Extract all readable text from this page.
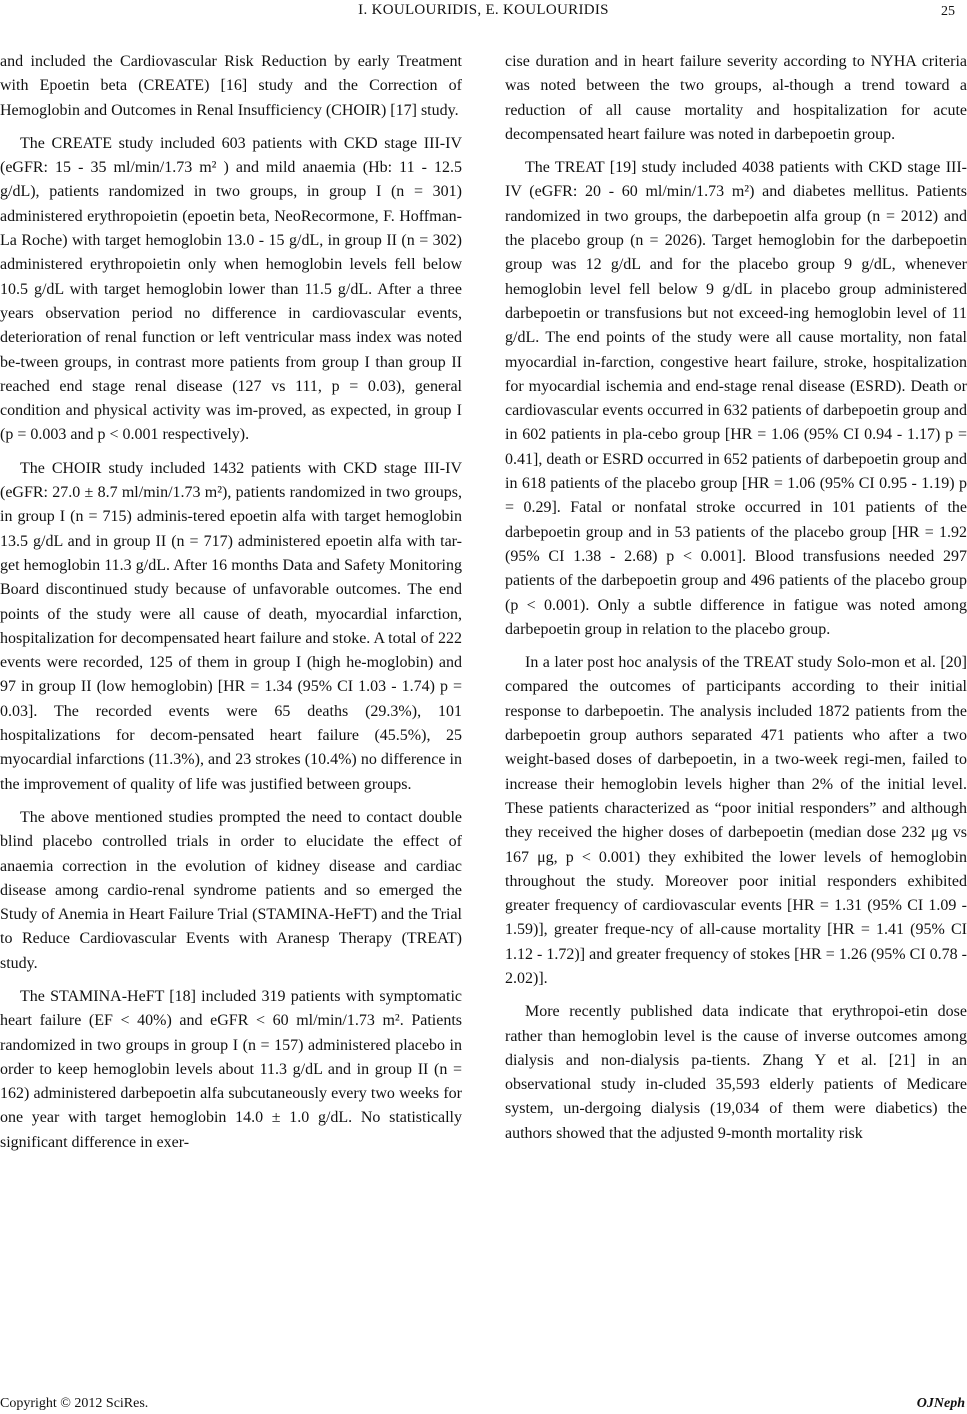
I. KOULOURIDIS, E. KOULOURIDIS	25

and included the Cardiovascular Risk Reduction by early Treatment with Epoetin beta (CREATE) [16] study and the Correction of Hemoglobin and Outcomes in Renal Insufficiency (CHOIR) [17] study.

The CREATE study included 603 patients with CKD stage III-IV (eGFR: 15 - 35 ml/min/1.73 m² ) and mild anaemia (Hb: 11 - 12.5 g/dL), patients randomized in two groups, in group I (n = 301) administered erythropoietin (epoetin beta, NeoRecormone, F. Hoffman-La Roche) with target hemoglobin 13.0 - 15 g/dL, in group II (n = 302) administered erythropoietin only when hemoglobin levels fell below 10.5 g/dL with target hemoglobin lower than 11.5 g/dL. After a three years observation period no difference in cardiovascular events, deterioration of renal function or left ventricular mass index was noted be-tween groups, in contrast more patients from group I than group II reached end stage renal disease (127 vs 111, p = 0.03), general condition and physical activity was im-proved, as expected, in group I (p = 0.003 and p < 0.001 respectively).

The CHOIR study included 1432 patients with CKD stage III-IV (eGFR: 27.0 ± 8.7 ml/min/1.73 m²), patients randomized in two groups, in group I (n = 715) adminis-tered epoetin alfa with target hemoglobin 13.5 g/dL and in group II (n = 717) administered epoetin alfa with tar-get hemoglobin 11.3 g/dL. After 16 months Data and Safety Monitoring Board discontinued study because of unfavorable outcomes. The end points of the study were all cause of death, myocardial infarction, hospitalization for decompensated heart failure and stoke. A total of 222 events were recorded, 125 of them in group I (high he-moglobin) and 97 in group II (low hemoglobin) [HR = 1.34 (95% CI 1.03 - 1.74) p = 0.03]. The recorded events were 65 deaths (29.3%), 101 hospitalizations for decom-pensated heart failure (45.5%), 25 myocardial infarctions (11.3%), and 23 strokes (10.4%) no difference in the improvement of quality of life was justified between groups.

The above mentioned studies prompted the need to contact double blind placebo controlled trials in order to elucidate the effect of anaemia correction in the evolution of kidney disease and cardiac disease among cardio-renal syndrome patients and so emerged the Study of Anemia in Heart Failure Trial (STAMINA-HeFT) and the Trial to Reduce Cardiovascular Events with Aranesp Therapy (TREAT) study.

The STAMINA-HeFT [18] included 319 patients with symptomatic heart failure (EF < 40%) and eGFR < 60 ml/min/1.73 m². Patients randomized in two groups in group I (n = 157) administered placebo in order to keep hemoglobin levels about 11.3 g/dL and in group II (n = 162) administered darbepoetin alfa subcutaneously every two weeks for one year with target hemoglobin 14.0 ± 1.0 g/dL. No statistically significant difference in exer-

cise duration and in heart failure severity according to NYHA criteria was noted between the two groups, al-though a trend toward a reduction of all cause mortality and hospitalization for acute decompensated heart failure was noted in darbepoetin group.

The TREAT [19] study included 4038 patients with CKD stage III-IV (eGFR: 20 - 60 ml/min/1.73 m²) and diabetes mellitus. Patients randomized in two groups, the darbepoetin alfa group (n = 2012) and the placebo group (n = 2026). Target hemoglobin for the darbepoetin group was 12 g/dL and for the placebo group 9 g/dL, whenever hemoglobin level fell below 9 g/dL in placebo group administered darbepoetin or transfusions but not exceed-ing hemoglobin level of 11 g/dL. The end points of the study were all cause mortality, non fatal myocardial in-farction, congestive heart failure, stroke, hospitalization for myocardial ischemia and end-stage renal disease (ESRD). Death or cardiovascular events occurred in 632 patients of darbepoetin group and in 602 patients in pla-cebo group [HR = 1.06 (95% CI 0.94 - 1.17) p = 0.41], death or ESRD occurred in 652 patients of darbepoetin group and in 618 patients of the placebo group [HR = 1.06 (95% CI 0.95 - 1.19) p = 0.29]. Fatal or nonfatal stroke occurred in 101 patients of the darbepoetin group and in 53 patients of the placebo group [HR = 1.92 (95% CI 1.38 - 2.68) p < 0.001]. Blood transfusions needed 297 patients of the darbepoetin group and 496 patients of the placebo group (p < 0.001). Only a subtle difference in fatigue was noted among darbepoetin group in relation to the placebo group.

In a later post hoc analysis of the TREAT study Solo-mon et al. [20] compared the outcomes of participants according to their initial response to darbepoetin. The analysis included 1872 patients from the darbepoetin group authors separated 471 patients who after a two weight-based doses of darbepoetin, in a two-week regi-men, failed to increase their hemoglobin levels higher than 2% of the initial level. These patients characterized as “poor initial responders” and although they received the higher doses of darbepoetin (median dose 232 μg vs 167 μg, p < 0.001) they exhibited the lower levels of hemoglobin throughout the study. Moreover poor initial responders exhibited greater frequency of cardiovascular events [HR = 1.31 (95% CI 1.09 - 1.59)], greater freque-ncy of all-cause mortality [HR = 1.41 (95% CI 1.12 - 1.72)] and greater frequency of stokes [HR = 1.26 (95% CI 0.78 - 2.02)].

More recently published data indicate that erythropoi-etin dose rather than hemoglobin level is the cause of inverse outcomes among dialysis and non-dialysis pa-tients. Zhang Y et al. [21] in an observational study in-cluded 35,593 elderly patients of Medicare system, un-dergoing dialysis (19,034 of them were diabetics) the authors showed that the adjusted 9-month mortality risk

Copyright © 2012 SciRes.	OJNeph
